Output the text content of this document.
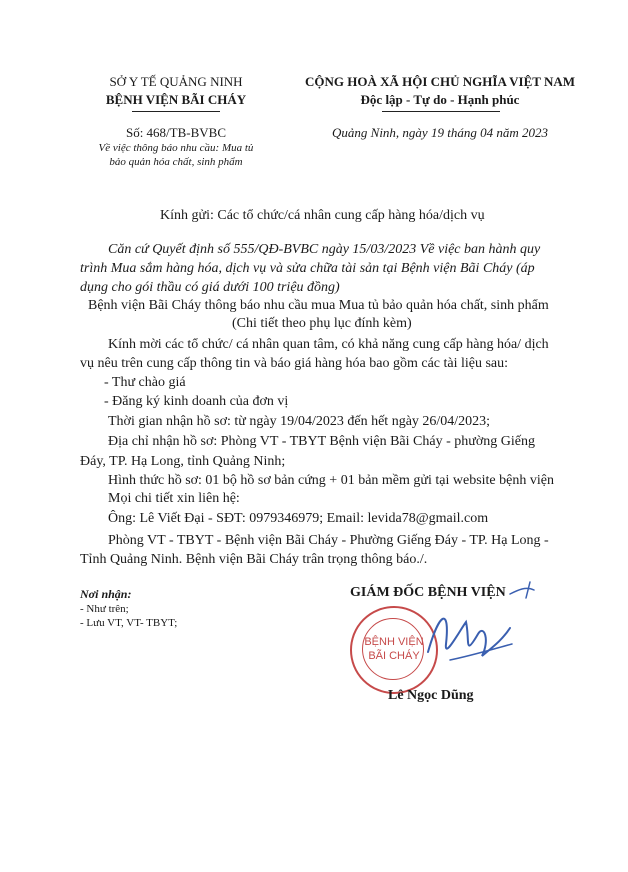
SỞ Y TẾ QUẢNG NINH
BỆNH VIỆN BÃI CHÁY
Số: 468/TB-BVBC
Về việc thông báo nhu cầu: Mua tủ
bảo quản hóa chất, sinh phẩm
CỘNG HOÀ XÃ HỘI CHỦ NGHĨA VIỆT NAM
Độc lập - Tự do - Hạnh phúc
Quảng Ninh, ngày 19 tháng 04 năm 2023
Kính gửi: Các tổ chức/cá nhân cung cấp hàng hóa/dịch vụ
Căn cứ Quyết định số 555/QĐ-BVBC ngày 15/03/2023 Về việc ban hành quy
trình Mua sắm hàng hóa, dịch vụ và sửa chữa tài sản tại Bệnh viện Bãi Cháy (áp
dụng cho gói thầu có giá dưới 100 triệu đồng)
Bệnh viện Bãi Cháy thông báo nhu cầu mua Mua tủ bảo quản hóa chất, sinh phẩm
(Chi tiết theo phụ lục đính kèm)
Kính mời các tổ chức/ cá nhân quan tâm, có khả năng cung cấp hàng hóa/ dịch
vụ nêu trên cung cấp thông tin và báo giá hàng hóa bao gồm các tài liệu sau:
- Thư chào giá
- Đăng ký kinh doanh của đơn vị
Thời gian nhận hồ sơ: từ ngày 19/04/2023 đến hết ngày 26/04/2023;
Địa chỉ nhận hồ sơ: Phòng VT - TBYT Bệnh viện Bãi Cháy - phường Giếng
Đáy, TP. Hạ Long, tỉnh Quảng Ninh;
Hình thức hồ sơ: 01 bộ hồ sơ bản cứng + 01 bản mềm gửi tại website bệnh viện
Mọi chi tiết xin liên hệ:
Ông: Lê Viết Đại - SĐT: 0979346979; Email: levida78@gmail.com
Phòng VT - TBYT - Bệnh viện Bãi Cháy - Phường Giếng Đáy - TP. Hạ Long -
Tỉnh Quảng Ninh. Bệnh viện Bãi Cháy trân trọng thông báo./.
Nơi nhận:
- Như trên;
- Lưu VT, VT- TBYT;
GIÁM ĐỐC BỆNH VIỆN
BỆNH VIỆN
BÃI CHÁY
Lê Ngọc Dũng
